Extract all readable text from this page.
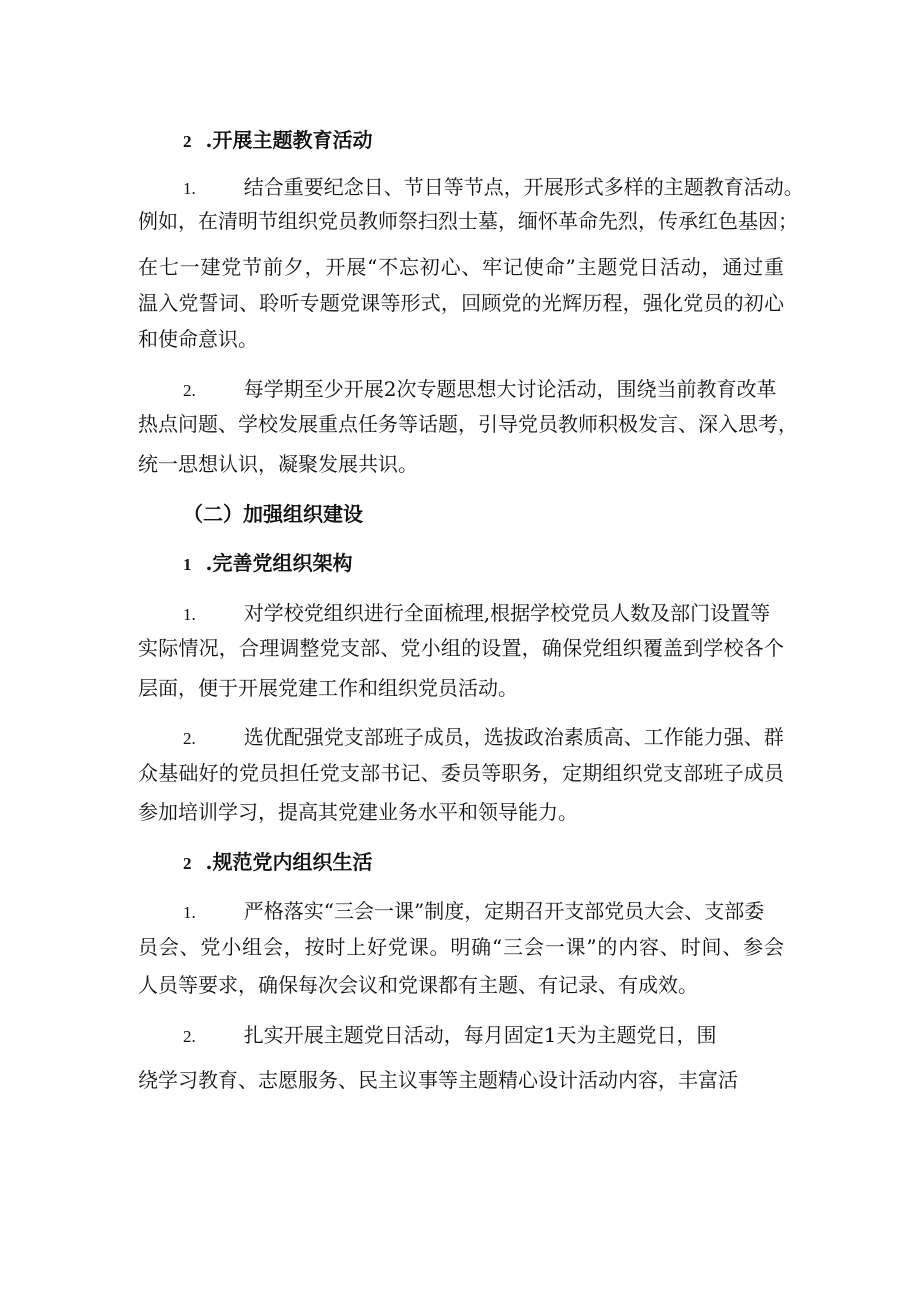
2 .开展主题教育活动
1. 结合重要纪念日、节日等节点，开展形式多样的主题教育活动。
例如，在清明节组织党员教师祭扫烈士墓，缅怀革命先烈，传承红色基因；
在七一建党节前夕，开展“不忘初心、牢记使命”主题党日活动，通过重
温入党誓词、聆听专题党课等形式，回顾党的光辉历程，强化党员的初心
和使命意识。
2. 每学期至少开展2次专题思想大讨论活动，围绕当前教育改革
热点问题、学校发展重点任务等话题，引导党员教师积极发言、深入思考，
统一思想认识，凝聚发展共识。
（二）加强组织建设
1 .完善党组织架构
1. 对学校党组织进行全面梳理,根据学校党员人数及部门设置等
实际情况，合理调整党支部、党小组的设置，确保党组织覆盖到学校各个
层面，便于开展党建工作和组织党员活动。
2. 选优配强党支部班子成员，选拔政治素质高、工作能力强、群
众基础好的党员担任党支部书记、委员等职务，定期组织党支部班子成员
参加培训学习，提高其党建业务水平和领导能力。
2 .规范党内组织生活
1. 严格落实“三会一课”制度，定期召开支部党员大会、支部委
员会、党小组会，按时上好党课。明确“三会一课”的内容、时间、参会
人员等要求，确保每次会议和党课都有主题、有记录、有成效。
2. 扎实开展主题党日活动，每月固定1天为主题党日，围
绕学习教育、志愿服务、民主议事等主题精心设计活动内容，丰富活
